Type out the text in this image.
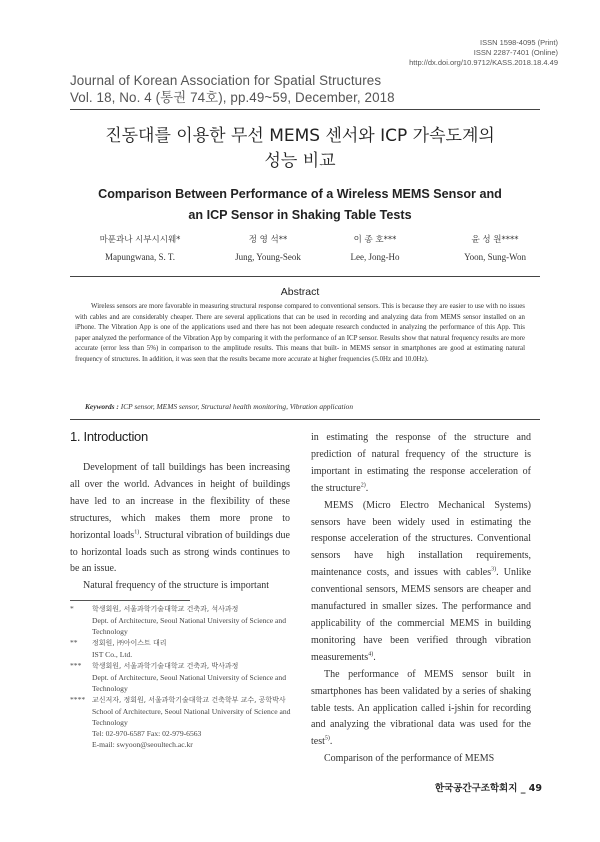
ISSN 1598-4095 (Print)
ISSN 2287-7401 (Online)
http://dx.doi.org/10.9712/KASS.2018.18.4.49
Journal of Korean Association for Spatial Structures
Vol. 18, No. 4 (통권 74호), pp.49~59, December, 2018
진동대를 이용한 무선 MEMS 센서와 ICP 가속도계의
성능 비교
Comparison Between Performance of a Wireless MEMS Sensor and
an ICP Sensor in Shaking Table Tests
마푼과나 시부시시웨*
Mapungwana, S. T.
정 영 석**
Jung, Young-Seok
이 종 호***
Lee, Jong-Ho
윤 성 원****
Yoon, Sung-Won
Abstract
Wireless sensors are more favorable in measuring structural response compared to conventional sensors. This is because they are easier to use with no issues with cables and are considerably cheaper. There are several applications that can be used in recording and analyzing data from MEMS sensor installed on an iPhone. The Vibration App is one of the applications used and there has not been adequate research conducted in analyzing the performance of this App. This paper analyzed the performance of the Vibration App by comparing it with the performance of an ICP sensor. Results show that natural frequency results are more accurate (error less than 5%) in comparison to the amplitude results. This means that built- in MEMS sensor in smartphones are good at estimating natural frequency of structures. In addition, it was seen that the results became more accurate at higher frequencies (5.0Hz and 10.0Hz).
Keywords : ICP sensor, MEMS sensor, Structural health monitoring, Vibration application
1. Introduction

Development of tall buildings has been increasing all over the world. Advances in height of buildings have led to an increase in the flexibility of these structures, which makes them more prone to horizontal loads$^{1)}$. Structural vibration of buildings due to horizontal loads such as strong winds continues to be an issue.

Natural frequency of the structure is important

in estimating the response of the structure and prediction of natural frequency of the structure is important in estimating the response acceleration of the structure$^{2)}$.

MEMS (Micro Electro Mechanical Systems) sensors have been widely used in estimating the response acceleration of the structures. Conventional sensors have high installation requirements, maintenance costs, and issues with cables$^{3)}$. Unlike conventional sensors, MEMS sensors are cheaper and manufactured in smaller sizes. The performance and applicability of the commercial MEMS in building monitoring have been verified through vibration measurements$^{4)}$.

The performance of MEMS sensor built in smartphones has been validated by a series of shaking table tests. An application called i-jshin for recording and analyzing the vibrational data was used for the test$^{5)}$.

Comparison of the performance of MEMS

*	학생회원, 서울과학기술대학교 건축과, 석사과정
Dept. of Architecture, Seoul National University of Science and Technology
**	정회원, ㈜아이스트 대리
IST Co., Ltd.
***	학생회원, 서울과학기술대학교 건축과, 박사과정
Dept. of Architecture, Seoul National University of Science and Technology
**** 교신저자, 정회원, 서울과학기술대학교 건축학부 교수, 공학박사
School of Architecture, Seoul National University of Science and Technology
Tel: 02-970-6587 Fax: 02-979-6563
E-mail: swyoon@seoultech.ac.kr
한국공간구조학회지 _ 49
